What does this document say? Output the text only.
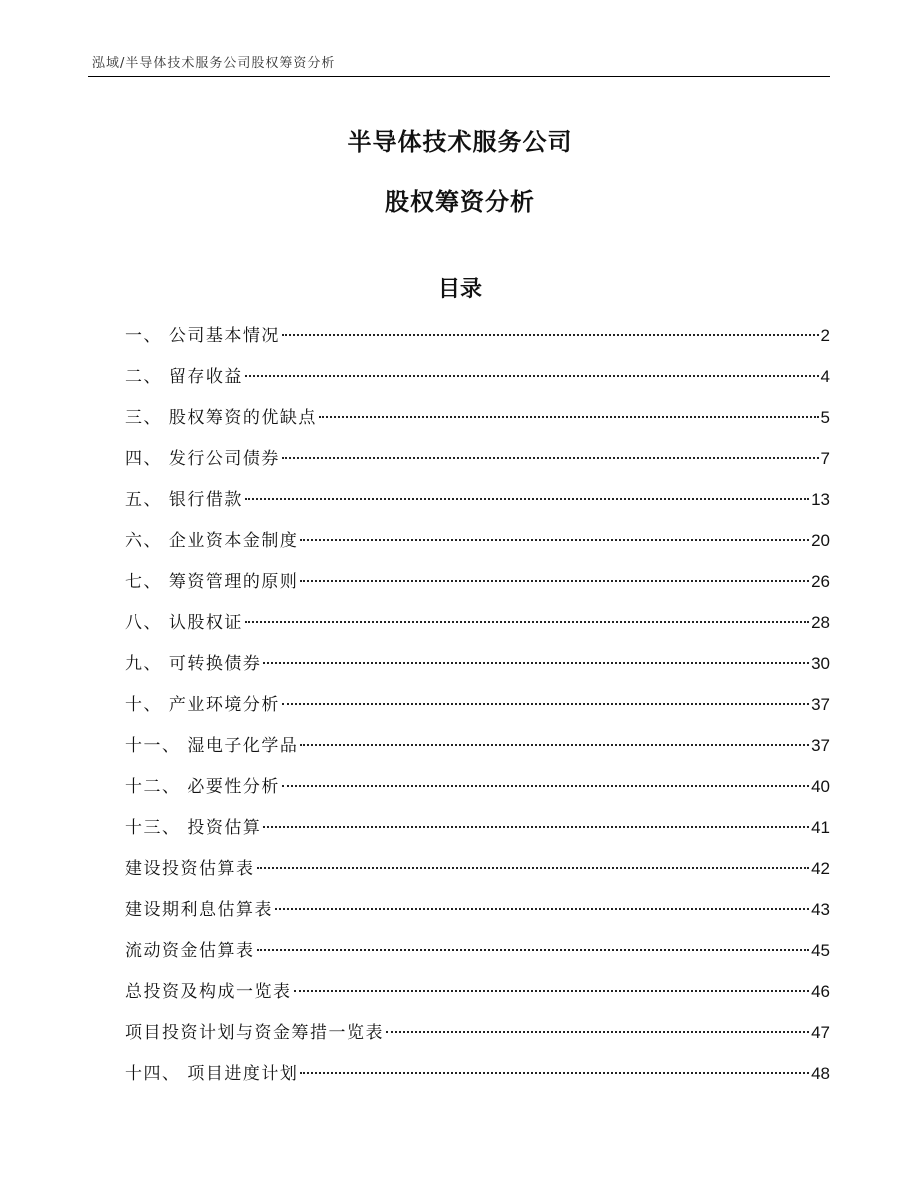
泓域/半导体技术服务公司股权筹资分析
半导体技术服务公司
股权筹资分析
目录
一、 公司基本情况	2
二、 留存收益	4
三、 股权筹资的优缺点	5
四、 发行公司债券	7
五、 银行借款	13
六、 企业资本金制度	20
七、 筹资管理的原则	26
八、 认股权证	28
九、 可转换债券	30
十、 产业环境分析	37
十一、 湿电子化学品	37
十二、 必要性分析	40
十三、 投资估算	41
建设投资估算表	42
建设期利息估算表	43
流动资金估算表	45
总投资及构成一览表	46
项目投资计划与资金筹措一览表	47
十四、 项目进度计划	48
